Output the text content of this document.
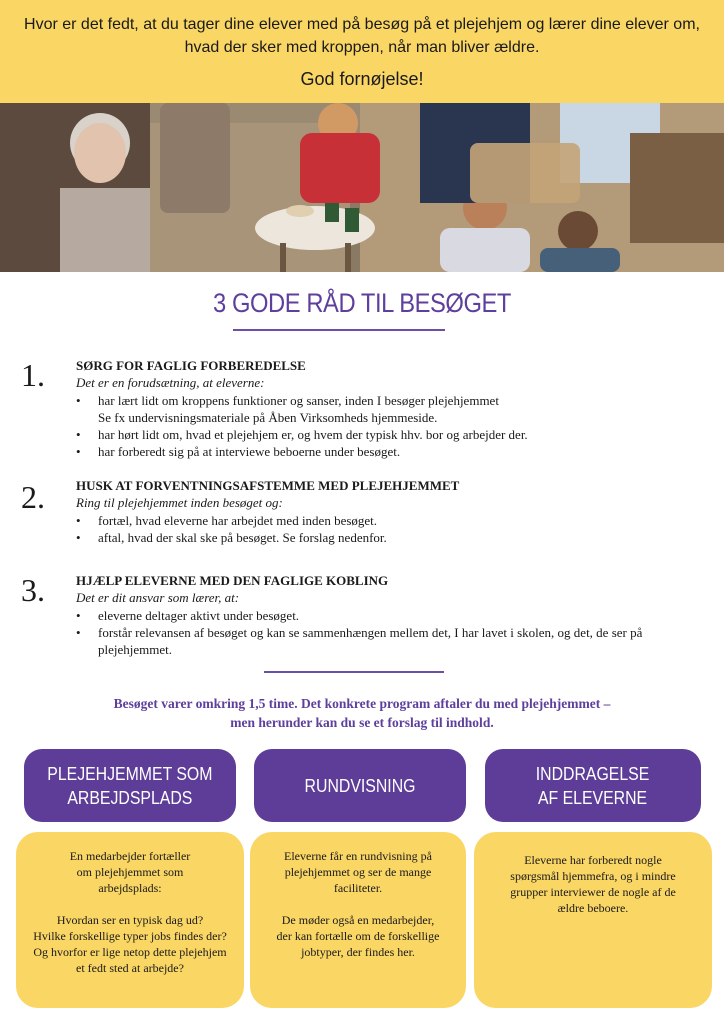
Hvor er det fedt, at du tager dine elever med på besøg på et plejehjem og lærer dine elever om, hvad der sker med kroppen, når man bliver ældre.
God fornøjelse!
3 GODE RÅD TIL BESØGET
1. SØRG FOR FAGLIG FORBEREDELSE
Det er en forudsætning, at eleverne:
• har lært lidt om kroppens funktioner og sanser, inden I besøger plejehjemmet
Se fx undervisningsmateriale på Åben Virksomheds hjemmeside.
• har hørt lidt om, hvad et plejehjem er, og hvem der typisk hhv. bor og arbejder der.
• har forberedt sig på at interviewe beboerne under besøget.
2. HUSK AT FORVENTNINGSAFSTEMME MED PLEJEHJEMMET
Ring til plejehjemmet inden besøget og:
• fortæl, hvad eleverne har arbejdet med inden besøget.
• aftal, hvad der skal ske på besøget. Se forslag nedenfor.
3. HJÆLP ELEVERNE MED DEN FAGLIGE KOBLING
Det er dit ansvar som lærer, at:
• eleverne deltager aktivt under besøget.
• forstår relevansen af besøget og kan se sammenhængen mellem det, I har lavet i skolen, og det, de ser på plejehjemmet.
Besøget varer omkring 1,5 time. Det konkrete program aftaler du med plejehjemmet – men herunder kan du se et forslag til indhold.
PLEJEHJEMMET SOM
ARBEJDSPLADS
RUNDVISNING
INDDRAGELSE
AF ELEVERNE

En medarbejder fortæller
om plejehjemmet som
arbejdsplads:

Hvordan ser en typisk dag ud?
Hvilke forskellige typer jobs findes der?
Og hvorfor er lige netop dette plejehjem
et fedt sted at arbejde?

Eleverne får en rundvisning på
plejehjemmet og ser de mange
faciliteter.

De møder også en medarbejder,
der kan fortælle om de forskellige
jobtyper, der findes her.

Eleverne har forberedt nogle
spørgsmål hjemmefra, og i mindre
grupper interviewer de nogle af de
ældre beboere.
